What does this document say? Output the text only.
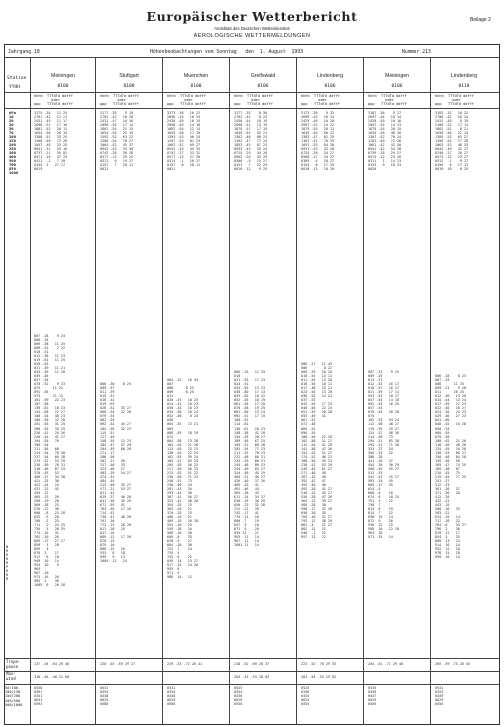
Beilage 2
Europäischer Wetterbericht
Amtsblatt des Deutschen Wetterdienstes
AEROLOGISCHE WETTERMELDUNGEN
Jahrgang 18	Höhenbeobachtungen vom Sonntag   den  1. August  1993	Nummer 213
Station
YYHH
hPa
10
20
30
50
70
100
150
200
250
300
400
500
700
850
1000
N
R
R
R
R
P
R
R
R
Tropo-
pause
Max-
wind
50/100
100/150
150/200
200/500
500/1000
Meiningen
0100
hhhh  TTTdTd ddfff
oder
ppp   TTTdTd ddfff
3175 -34   11 25
2701 -42   11 21
2431 -49   11 17
2098 -52   17 16
1881 -52   20 11
1654 -56   26 15
1388 -51   33 25
1200 -50   73 26
1057 -46   33 25
0941 -31   35 16
0737 -21   59 02
0571 -16   47 25
0411  -1   7 28
0155  2   27 17
0019

007 -28    9 24
008 -34
009 -38   11 25
009 -51    7 22
010 -51
012 -38   11 23
019 -61   11 25
020 -63
021 -49   11 21
043 -49   11 20
049 -48
057 -54
070 -52    9 23
073      11 22
091 -55
973      21 13
101 -59   22 23
107 -58
136 -61   18 23
143 -68   22 27
100 -54   48 23
186 -50   32 28
201 -53   31 25
308 -55   35 25
226 -42   29 26
240 -44   41 27
194 -55   76
196 -54
211 -56   66
224 -54   70 30
237 -54   66 28
275 -52   53 29
316 -50   76 31
318 -48   67 23
370 -43   53
400 -27   34 30
421 -25   30
422 -24   24
431 -21   42
455 -22
485 -23   28
550 -19   20
560 -18   23
576 -17   30
606  -8   23 28
632  -5   28
700  -2   23
711   2   24 25
726   5   26 35
773 -10   31
782 -20   26
809 -17   27 27
850   1   28
859   4
878  3    17
917   6   18
949  10   14
954  10    9
965
967 -16
973 -16   26
983  2    30
1005  6   26 28
237 -54 -64 29 46
318 -48 -48 21 66
0538
0361
0451
0641
0592
Stuttgart
0100
hhhh  TTTdTd ddfff
oder
ppp   TTTdTd ddfff
3177 -35    9 19
2702 -42   10 20
2431 -47   10 16
2098 -54   17 14
1882 -55   21 15
1654 -56   25 19
1393 -52   63 22
1206 -54   70 27
1064 -52   45 37
0942 -43   33 30
0742 -28   30 28
0577 -13   29 22
0311   0   19 27
0157   7   28 11
0021

006 -30    8 25
009 -57
011 -39
015 -51
016 -52
019 -63
026 -52   33 27
066 -54   22 28
079 -55
082 -54
092 -52   44 27
104 -56   32 23
115 -51
127 -49
158 -55   13 23
183 -47   57 20
204 -49   66 28
271 -17
286 -50
301 -21   26
317 -50   33
323 -48   27
403 -39   54 27
474 -31
484 -44
513 -48   35 27
571 -21   53 27
621 -52
629 -37   40 28
641 -58   35 29
671 -59   41
703 -56   17 18
714 -52
730 -41   46 28
761 -30
773 -23   28 28
811 -28   25
817 -16
869 -12   17 28
878 -15
879 -16
888 -15   16
933   8   18
999   9   13
1004  12   24
220 -55 -69 29 27
0532
0355
0448
0629
0580
Muenchen
0100
hhhh  TTTdTd ddfff
oder
ppp   TTTdTd ddfff
3173 -38   10 22
2698 -43   10 23
2430 -49   10 15
2098 -55   14 18
1882 -54   22 13
1655 -58   27 19
1395 -53   46 24
1207 -53   81 23
1062 -51   69 27
0942 -43   44 35
0742 -27   33 32
0577 -13   27 30
0314  -1   20 27
0157   8   28 11
0021

004 -22   10 44
007
008      8 25
009      8 25
011
020 -41   10 23
024 -41   10 23
030 -43   10 23
034 -58   10 24
052 -48    8 24
058
064 -55   13 21
065
068 -55   18 19
072
084 -58   13 28
104 -55   21 28
112 -49   23 23
138 -54   22 25
162 -55   39 24
183 -51   63 23
205 -49   56 23
217 -49   56 23
223 -53   51 23
230 -50   71 23
240 -51   73
250 -40   44
281 -43   34
293 -44   36
307 -51   56 27
323 -42   48 28
354 -25   23
363 -26   21
370 -25   23
406 -19   21
469 -19   20 28
552 -18   25
559 -18   34
586 -16   36
609 -8    33
628 -9    27
664 -10   30
722  7    24
725  4
752  6    22
849  14   13 27
917 -15   14 26
955  8
971  9
988  14   12
229 -53 -72 26 41
0531
0354
0448
0629
0580
Greifswald
0106
hhhh  TTTdTd ddfff
oder
ppp   TTTdTd ddfff
3177 -35    8 30
2702 -42    8 23
2430 -44   10 19
2098 -51   13 19
1879 -57   17 19
1649 -62   45 21
1382 -48   80 23
1192 -47   77 24
1053 -45   67 23
0933 -43   55 24
0725 -29   44 28
0562 -20   45 29
0306  -5   15 27
0151   7   22 29
0016  12    9 25

006 -25   11 33
018
021 -55   17 23
024 -51
034 -55   13 23
038 -60   17 13
043 -62   10 22
052 -55   18 19
061 -56   17 20
070 -58   19 25
081 -60   13 24
092 -51   17 15
100 -61
114 -61
130 -61   18 23
148 -58   42 28
154 -55   28 27
189 -56   67 25
195 -51   80 28
203 -54   77 23
211 -53   78 23
222 -48   80 21
233 -53   80 21
244 -48   86 23
254 -49   83 27
314 -56   45 29
404 -51   46 27
426 -40   37 26
469 -43   41
491 -46   44
565 -26   43
611 -24   34 27
630 -29   38 29
650 -23   32 28
722 -21   39
742 -17   41
779 -11   16
800 -7    19
837  5    18
871  9    20
935 12    21
953  11   14
967  11   14
1001 11   14
218 -52 -69 28 37
264 -43 -53 28 83
0525
0344
0436
0626
0556
Lindenberg
0106
hhhh  TTTdTd ddfff
oder
ppp   TTTdTd ddfff
3173 -36    9 32
2699 -45   10 24
2429 -46   10 20
2097 -52   14 22
1879 -53   20 11
1645 -54   60 22
1383 -47   82 29
1187 -51   70 25
1051 -53   64 28
0931 -52   43 28
0735 -26   34 27
0568 -17   34 27
0309  -4   18 27
0154   8   17 25
0018  13   10 20

006 -27   11 45
006        8 22
009 -29   10 20
010 -55   13 11
011 -55   13 20
016 -56   10 11
017 -48   13 21
023 -54   13 20
036 -52   14 21
037 -53
043 -54   17 25
046 -56   22 24
051 -59   20 28
055 -49   41
061 -51
072 -48
084 -52
096 -55
100 -56   22 28
102 -58   21 27
112 -54   41 28
141 -58   47 26
154 -53   51 27
174 -52   46 21
188 -50   45 23
230 -51   53 29
249 -45   61 27
271 -46   49
287 -43   46
392 -42   47
452 -50   40
493 -20   41 27
516 -25   43 27
526 -28   47 26
564 -23   39 27
580 -28   38
590 -17   47 26
658 -20   35
703 -16   31 27
793 -12   38 29
862 -4    21 27
882 -11   21
946  -1   21
957  13   22
223 -52 -70 29 33
281 -54 -53 29 82
0525
0346
0434
0625
0555
Meiningen
0106
hhhh  TTTdTd ddfff
oder
ppp   TTTdTd ddfff
3187 -36    9 27
2697 -44   10 14
2428 -50   10 16
2097 -55   14 13
1879 -55   20 15
1654 -56   48 26
1387 -52   78 24
1202 -60   72 26
1061 -42   42 40
0941 -42   54 28
0739 -26   29 27
0575 -12   23 28
0311   1   14 23
0153   9   18 23
0020

007 -31    9 25
009 -25
012 -37
012 -53   16 17
018 -57   16 17
021 -59   17 14
033 -53   10 17
047 -54   14 18
052 -55   16 25
057 -54
070 -54   28 20
075
102 -53   54 24
112 -58   48 27
119 -55   25 27
124 -57   48 26
214 -56   73
254 -51   65 28
292 -51   71 30
331 -37   54
356 -25   52
386 -28
441 -16   37
454 -18   30 29
500 -53   55 27
511 -53
541 -47   25 27
593 -24   45
605 -17   35
624 -5
668 -4    18
674  6    18 25
751  3    22
758  7
813  8    19
814  7    22
836  15   14
872  9    20
936  12   15
958  16   12 18
963  18
971  15   14
204 -61 -71 29 48
0535
0358
0447
0629
0569
Lindenberg
0118
hhhh  TTTdTd ddfff
oder
ppp   TTTdTd ddfff
3183 -32   10 22
2706 -42   10 24
2431 -49    8 19
2100 -52   17 14
1882 -51    8 21
1650 -50   22 14
1389 -53   63 27
1206 -55   77 28
1063 -53   46 33
0942 -49   32 27
0740 -27   20 27
0573 -13   23 27
0312  -1    9 27
0156   8   17 13
0019  18    8 25

006 -28    8 23
007 -33
008      11 25
009 -21    9 28
011      20 25
012 -40   13 20
014 -44   13 24
017 -49   12 23
022 -46   16 27
024 -50   24 23
029 -46   27 23
041 -60
048 -52   15 28
050 -54
060 -59
079 -58
100 -62   21 26
118 -49   40 26
125 -55   34 28
130 -53   60 27
150 -48   84 28
159 -50   50
169 -47   74 29
189 -48   67
210 -45   75
215 -45   77 25
241 -37
312 -33
361 -26   37
371 -26   20
412 -28
432 -22
443 -19
500 -16   33
583 -22
634 -19   14
717 -10   22
764 -6    34 27
796  2    30
819  12   17
854  3    25
868  13   24
914  10   14
952  12   16
978  15   18
999  16   14
205 -59 -75 26 45
0531
0353
0449
0629
0556
